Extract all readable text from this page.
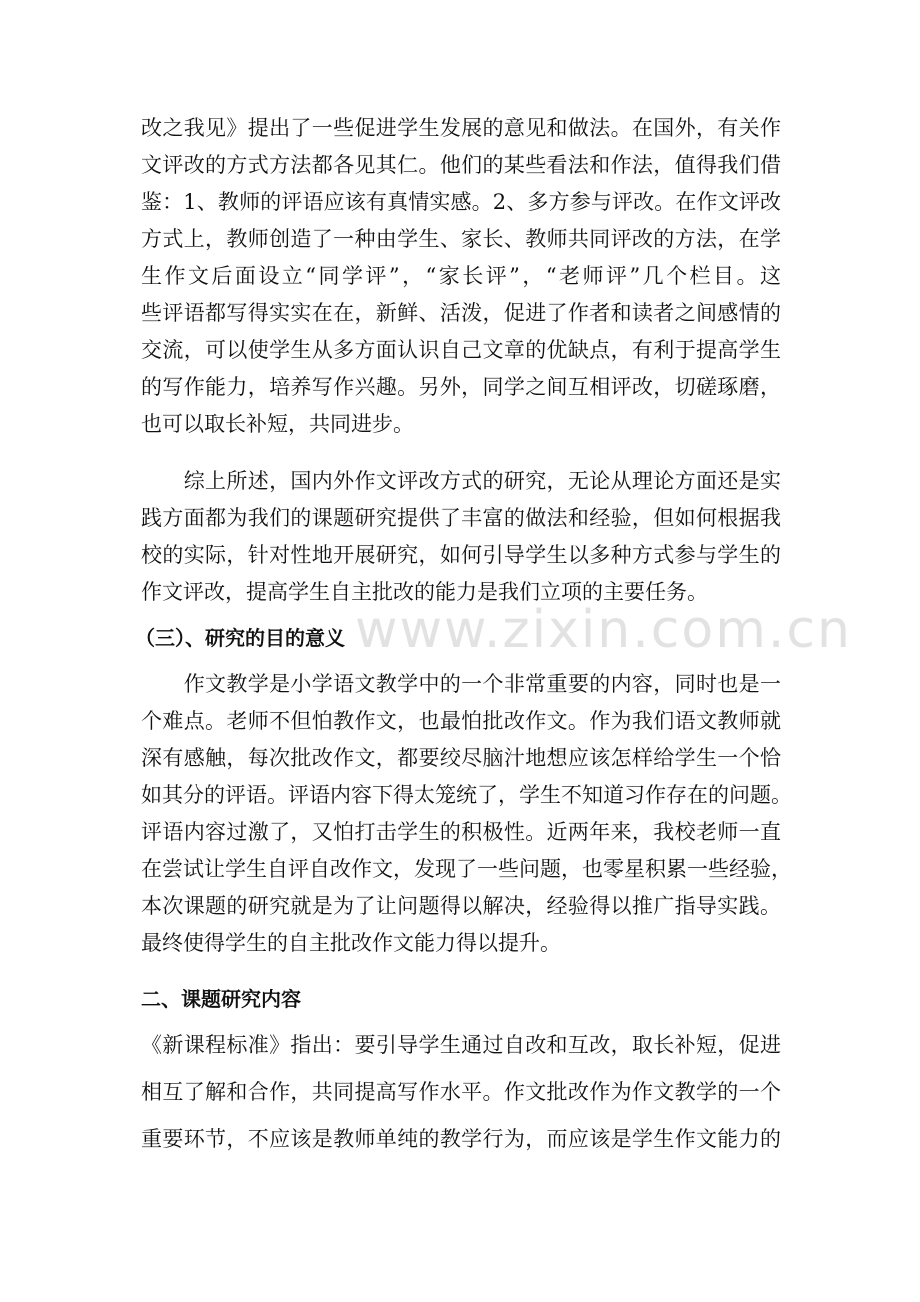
www.zixin.com.cn
改之我见》提出了一些促进学生发展的意见和做法。在国外，有关作
文评改的方式方法都各见其仁。他们的某些看法和作法，值得我们借
鉴：1、教师的评语应该有真情实感。2、多方参与评改。在作文评改
方式上，教师创造了一种由学生、家长、教师共同评改的方法，在学
生作文后面设立“同学评”，“家长评”，“老师评”几个栏目。这
些评语都写得实实在在，新鲜、活泼，促进了作者和读者之间感情的
交流，可以使学生从多方面认识自己文章的优缺点，有利于提高学生
的写作能力，培养写作兴趣。另外，同学之间互相评改，切磋琢磨，
也可以取长补短，共同进步。
　　综上所述，国内外作文评改方式的研究，无论从理论方面还是实
践方面都为我们的课题研究提供了丰富的做法和经验，但如何根据我
校的实际，针对性地开展研究，如何引导学生以多种方式参与学生的
作文评改，提高学生自主批改的能力是我们立项的主要任务。
（三）、研究的目的意义
　　作文教学是小学语文教学中的一个非常重要的内容，同时也是一
个难点。老师不但怕教作文，也最怕批改作文。作为我们语文教师就
深有感触，每次批改作文，都要绞尽脑汁地想应该怎样给学生一个恰
如其分的评语。评语内容下得太笼统了，学生不知道习作存在的问题。
评语内容过激了，又怕打击学生的积极性。近两年来，我校老师一直
在尝试让学生自评自改作文，发现了一些问题，也零星积累一些经验，
本次课题的研究就是为了让问题得以解决，经验得以推广指导实践。
最终使得学生的自主批改作文能力得以提升。
二、课题研究内容
《新课程标准》指出：要引导学生通过自改和互改，取长补短，促进
相互了解和合作，共同提高写作水平。作文批改作为作文教学的一个
重要环节，不应该是教师单纯的教学行为，而应该是学生作文能力的
